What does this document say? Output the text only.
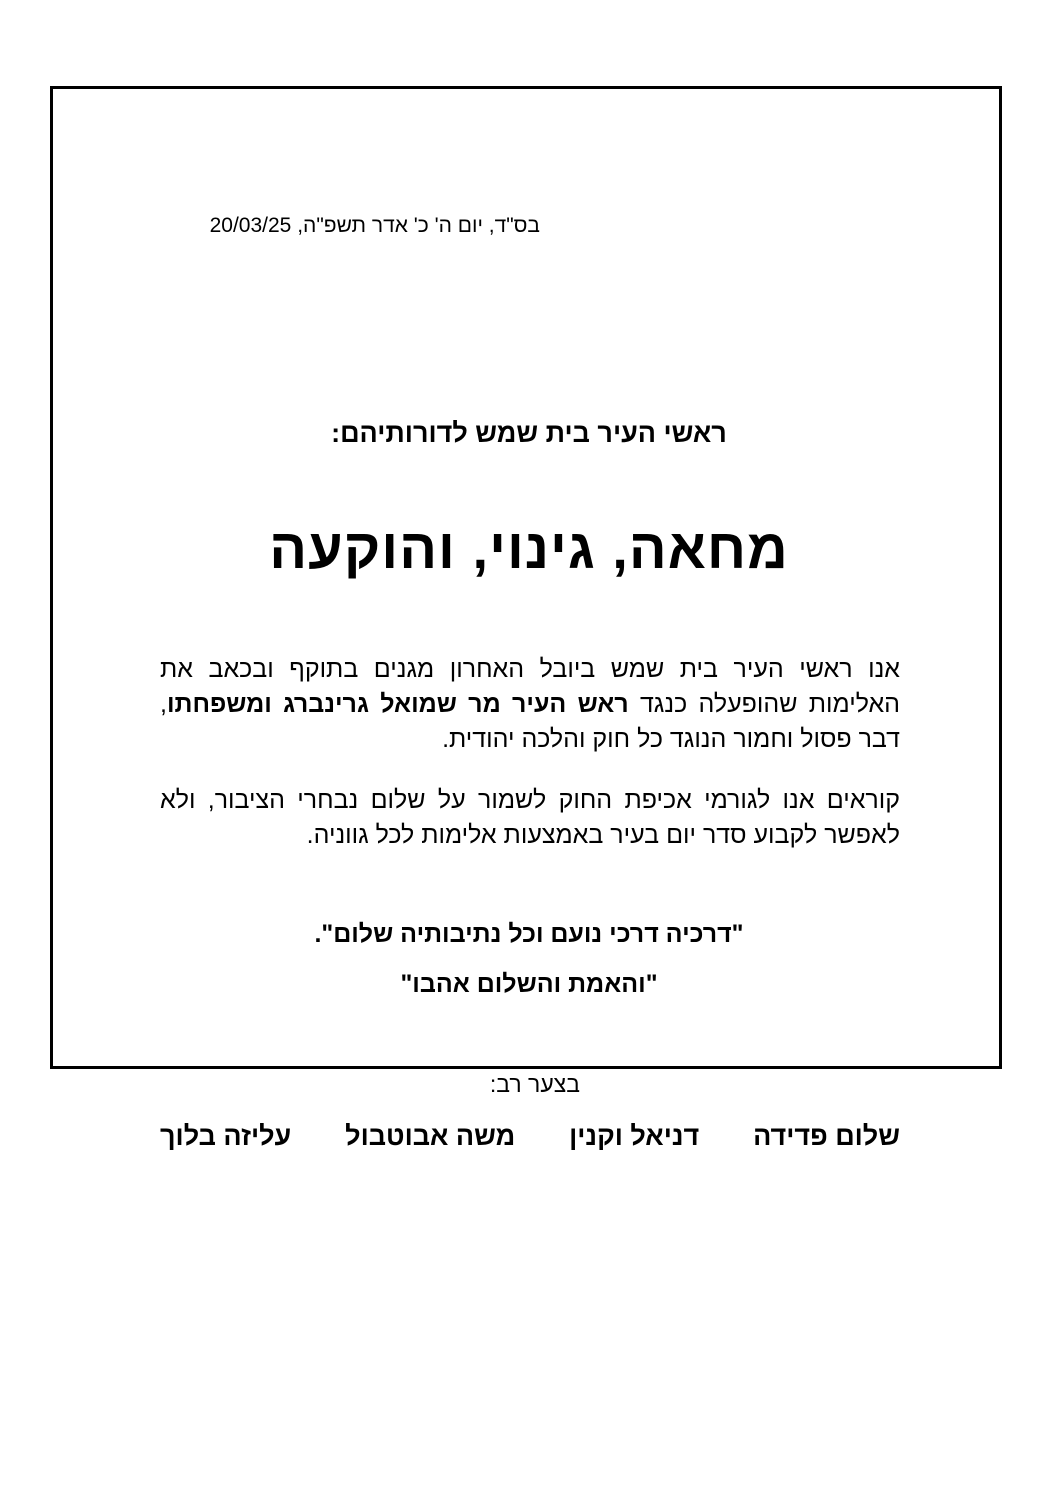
בס"ד, יום ה' כ' אדר תשפ"ה, 20/03/25
ראשי העיר בית שמש לדורותיהם:
מחאה, גינוי, והוקעה

אנו ראשי העיר בית שמש ביובל האחרון מגנים בתוקף ובכאב את האלימות שהופעלה כנגד ראש העיר מר שמואל גרינברג ומשפחתו, דבר פסול וחמור הנוגד כל חוק והלכה יהודית.

קוראים אנו לגורמי אכיפת החוק לשמור על שלום נבחרי הציבור, ולא לאפשר לקבוע סדר יום בעיר באמצעות אלימות לכל גווניה.

"דרכיה דרכי נועם וכל נתיבותיה שלום".
"והאמת והשלום אהבו"
בצער רב:
שלום פדידה
דניאל וקנין
משה אבוטבול
עליזה בלוך
